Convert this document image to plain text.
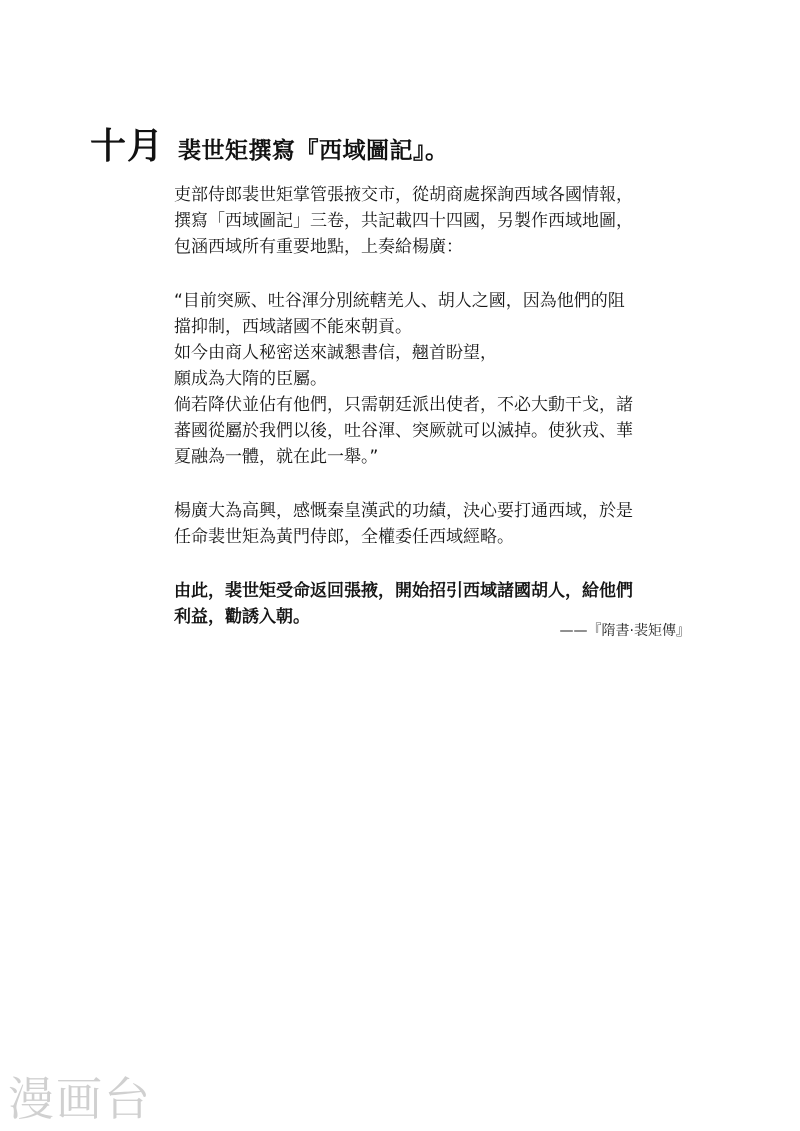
十月 裴世矩撰寫『西域圖記』。
吏部侍郎裴世矩掌管張掖交市，從胡商處探詢西域各國情報，
撰寫「西域圖記」三卷，共記載四十四國，另製作西域地圖，
包涵西域所有重要地點，上奏給楊廣：
“目前突厥、吐谷渾分別統轄羌人、胡人之國，因為他們的阻
擋抑制，西域諸國不能來朝貢。
如今由商人秘密送來誠懇書信，翹首盼望，
願成為大隋的臣屬。
倘若降伏並佔有他們，只需朝廷派出使者，不必大動干戈，諸
蕃國從屬於我們以後，吐谷渾、突厥就可以滅掉。使狄戎、華
夏融為一體，就在此一舉。”
楊廣大為高興，感慨秦皇漢武的功績，決心要打通西域，於是
任命裴世矩為黃門侍郎，全權委任西域經略。
由此，裴世矩受命返回張掖，開始招引西域諸國胡人，給他們
利益，勸誘入朝。
——『隋書·裴矩傳』
漫画台
